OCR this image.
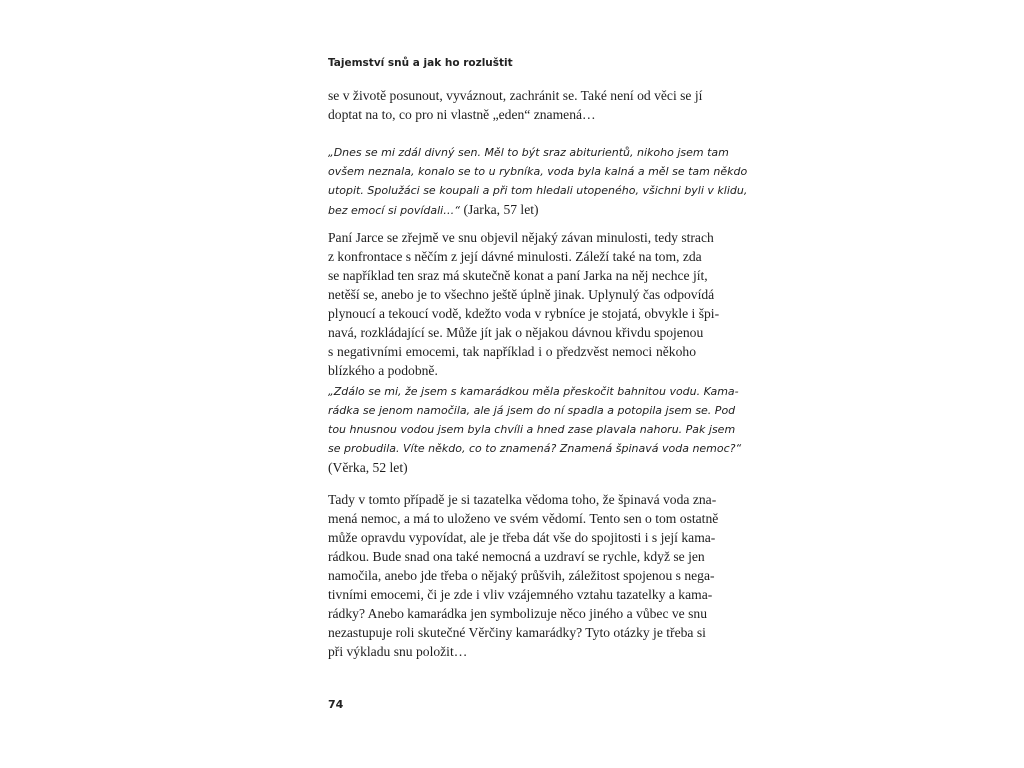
Tajemství snů a jak ho rozluštit
se v životě posunout, vyváznout, zachránit se. Také není od věci se jí
doptat na to, co pro ni vlastně „eden“ znamená…
„Dnes se mi zdál divný sen. Měl to být sraz abiturientů, nikoho jsem tam
ovšem neznala, konalo se to u rybníka, voda byla kalná a měl se tam někdo
utopit. Spolužáci se koupali a při tom hledali utopeného, všichni byli v klidu,
bez emocí si povídali…“ (Jarka, 57 let)
Paní Jarce se zřejmě ve snu objevil nějaký závan minulosti, tedy strach
z konfrontace s něčím z její dávné minulosti. Záleží také na tom, zda
se například ten sraz má skutečně konat a paní Jarka na něj nechce jít,
netěší se, anebo je to všechno ještě úplně jinak. Uplynulý čas odpovídá
plynoucí a tekoucí vodě, kdežto voda v rybníce je stojatá, obvykle i špi-
navá, rozkládající se. Může jít jak o nějakou dávnou křivdu spojenou
s negativními emocemi, tak například i o předzvěst nemoci někoho
blízkého a podobně.
„Zdálo se mi, že jsem s kamarádkou měla přeskočit bahnitou vodu. Kama-
rádka se jenom namočila, ale já jsem do ní spadla a potopila jsem se. Pod
tou hnusnou vodou jsem byla chvíli a hned zase plavala nahoru. Pak jsem
se probudila. Víte někdo, co to znamená? Znamená špinavá voda nemoc?“
(Věrka, 52 let)
Tady v tomto případě je si tazatelka vědoma toho, že špinavá voda zna-
mená nemoc, a má to uloženo ve svém vědomí. Tento sen o tom ostatně
může opravdu vypovídat, ale je třeba dát vše do spojitosti i s její kama-
rádkou. Bude snad ona také nemocná a uzdraví se rychle, když se jen
namočila, anebo jde třeba o nějaký průšvih, záležitost spojenou s nega-
tivními emocemi, či je zde i vliv vzájemného vztahu tazatelky a kama-
rádky? Anebo kamarádka jen symbolizuje něco jiného a vůbec ve snu
nezastupuje roli skutečné Věrčiny kamarádky? Tyto otázky je třeba si
při výkladu snu položit…
74
